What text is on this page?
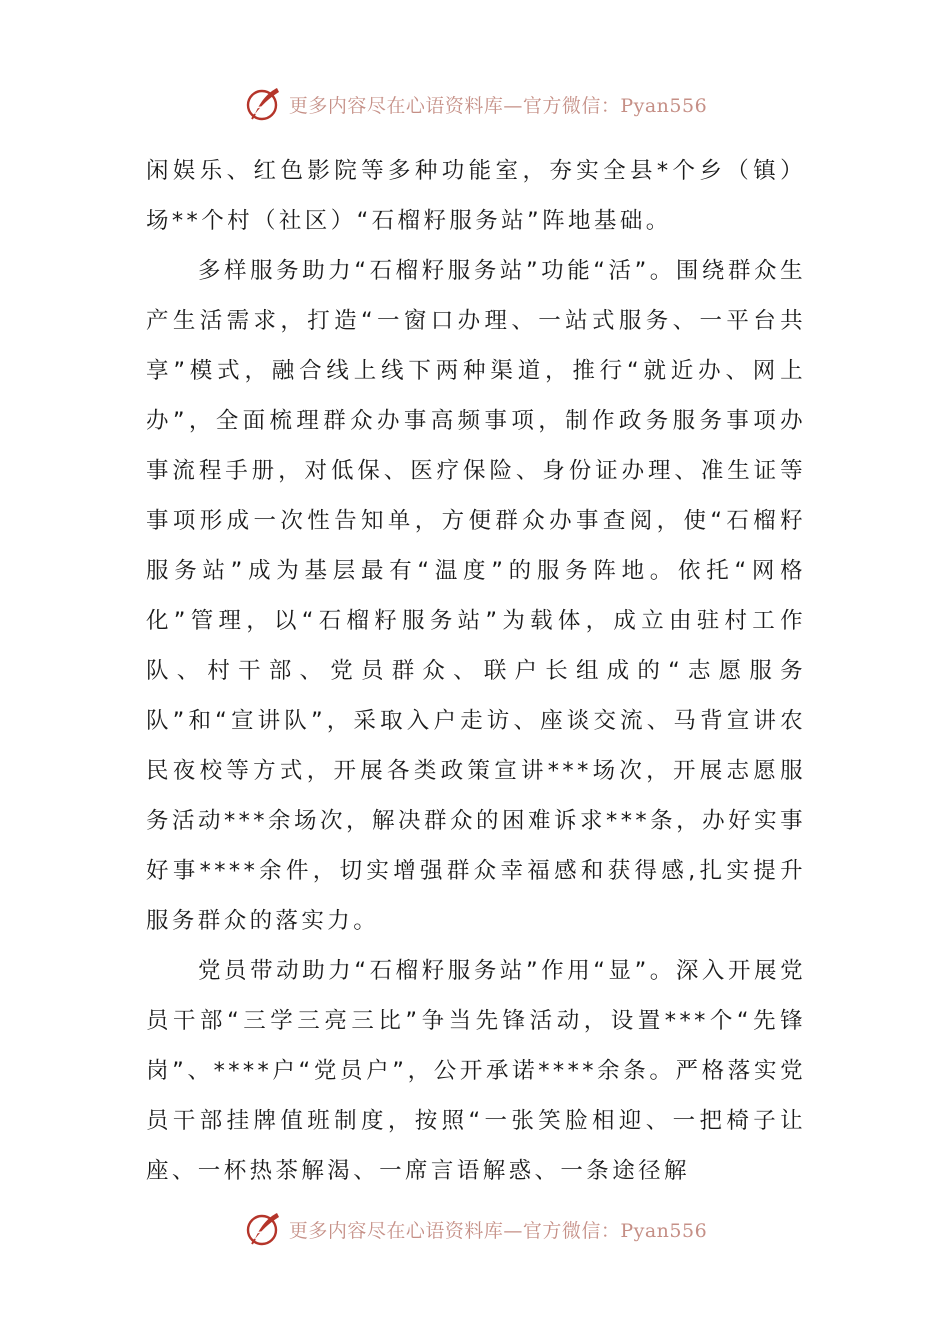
更多内容尽在心语资料库—官方微信：Pyan556

闲娱乐、红色影院等多种功能室，夯实全县*个乡（镇）场**个村（社区）“石榴籽服务站”阵地基础。

多样服务助力“石榴籽服务站”功能“活”。围绕群众生产生活需求，打造“一窗口办理、一站式服务、一平台共享”模式，融合线上线下两种渠道，推行“就近办、网上办”，全面梳理群众办事高频事项，制作政务服务事项办事流程手册，对低保、医疗保险、身份证办理、准生证等事项形成一次性告知单，方便群众办事查阅，使“石榴籽服务站”成为基层最有“温度”的服务阵地。依托“网格化”管理，以“石榴籽服务站”为载体，成立由驻村工作队、村干部、党员群众、联户长组成的“志愿服务队”和“宣讲队”，采取入户走访、座谈交流、马背宣讲农民夜校等方式，开展各类政策宣讲***场次，开展志愿服务活动***余场次，解决群众的困难诉求***条，办好实事好事****余件，切实增强群众幸福感和获得感,扎实提升服务群众的落实力。

党员带动助力“石榴籽服务站”作用“显”。深入开展党员干部“三学三亮三比”争当先锋活动，设置***个“先锋岗”、****户“党员户”，公开承诺****余条。严格落实党员干部挂牌值班制度，按照“一张笑脸相迎、一把椅子让座、一杯热茶解渴、一席言语解惑、一条途径解

更多内容尽在心语资料库—官方微信：Pyan556
